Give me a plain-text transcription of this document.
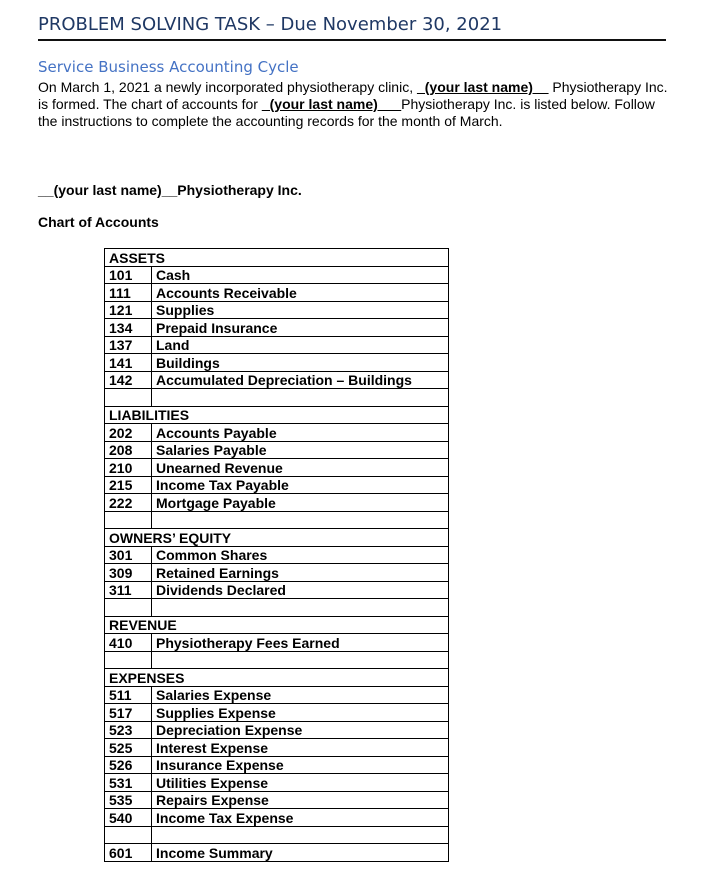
PROBLEM SOLVING TASK – Due November 30, 2021
Service Business Accounting Cycle
On March 1, 2021 a newly incorporated physiotherapy clinic, _(your last name)__ Physiotherapy Inc. is formed. The chart of accounts for _(your last name)___Physiotherapy Inc. is listed below. Follow the instructions to complete the accounting records for the month of March.
__(your last name)__Physiotherapy Inc.
Chart of Accounts
ASSETS	
101	Cash
111	Accounts Receivable
121	Supplies
134	Prepaid Insurance
137	Land
141	Buildings
142	Accumulated Depreciation – Buildings

LIABILITIES	
202	Accounts Payable
208	Salaries Payable
210	Unearned Revenue
215	Income Tax Payable
222	Mortgage Payable

OWNERS’ EQUITY	
301	Common Shares
309	Retained Earnings
311	Dividends Declared

REVENUE	
410	Physiotherapy Fees Earned

EXPENSES	
511	Salaries Expense
517	Supplies Expense
523	Depreciation Expense
525	Interest Expense
526	Insurance Expense
531	Utilities Expense
535	Repairs Expense
540	Income Tax Expense

601	Income Summary
